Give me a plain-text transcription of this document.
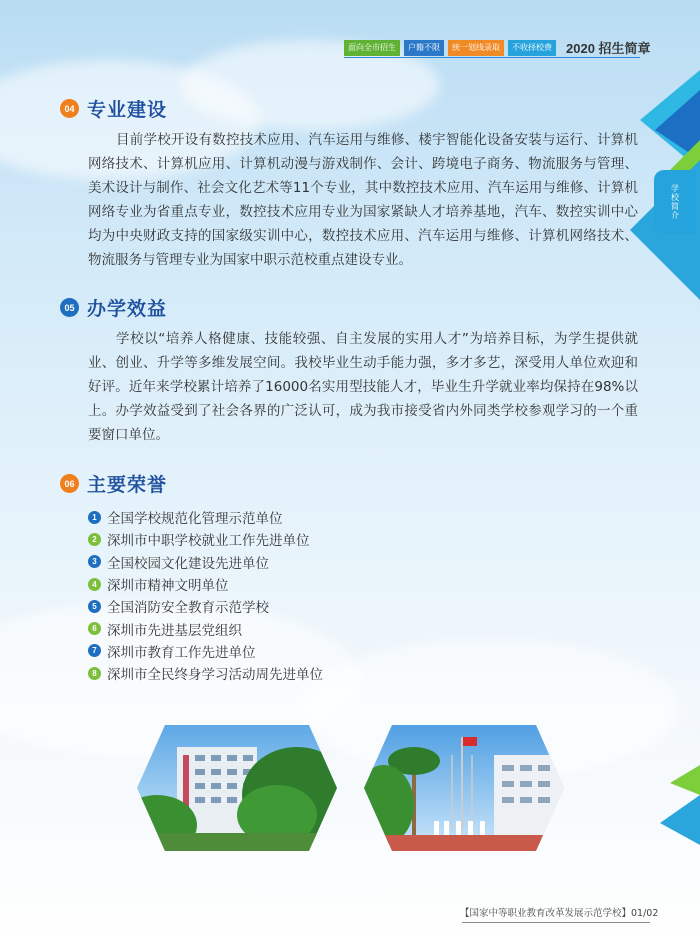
面向全市招生	户籍不限	统一划线录取	不收择校费	2020 招生简章
学校简介
04 专业建设

目前学校开设有数控技术应用、汽车运用与维修、楼宇智能化设备安装与运行、计算机网络技术、计算机应用、计算机动漫与游戏制作、会计、跨境电子商务、物流服务与管理、美术设计与制作、社会文化艺术等11个专业，其中数控技术应用、汽车运用与维修、计算机网络专业为省重点专业，数控技术应用专业为国家紧缺人才培养基地，汽车、数控实训中心均为中央财政支持的国家级实训中心，数控技术应用、汽车运用与维修、计算机网络技术、物流服务与管理专业为国家中职示范校重点建设专业。

05 办学效益

学校以“培养人格健康、技能较强、自主发展的实用人才”为培养目标，为学生提供就业、创业、升学等多维发展空间。我校毕业生动手能力强，多才多艺，深受用人单位欢迎和好评。近年来学校累计培养了16000名实用型技能人才，毕业生升学就业率均保持在98%以上。办学效益受到了社会各界的广泛认可，成为我市接受省内外同类学校参观学习的一个重要窗口单位。

06 主要荣誉
1 全国学校规范化管理示范单位
2 深圳市中职学校就业工作先进单位
3 全国校园文化建设先进单位
4 深圳市精神文明单位
5 全国消防安全教育示范学校
6 深圳市先进基层党组织
7 深圳市教育工作先进单位
8 深圳市全民终身学习活动周先进单位
【国家中等职业教育改革发展示范学校】01/02
